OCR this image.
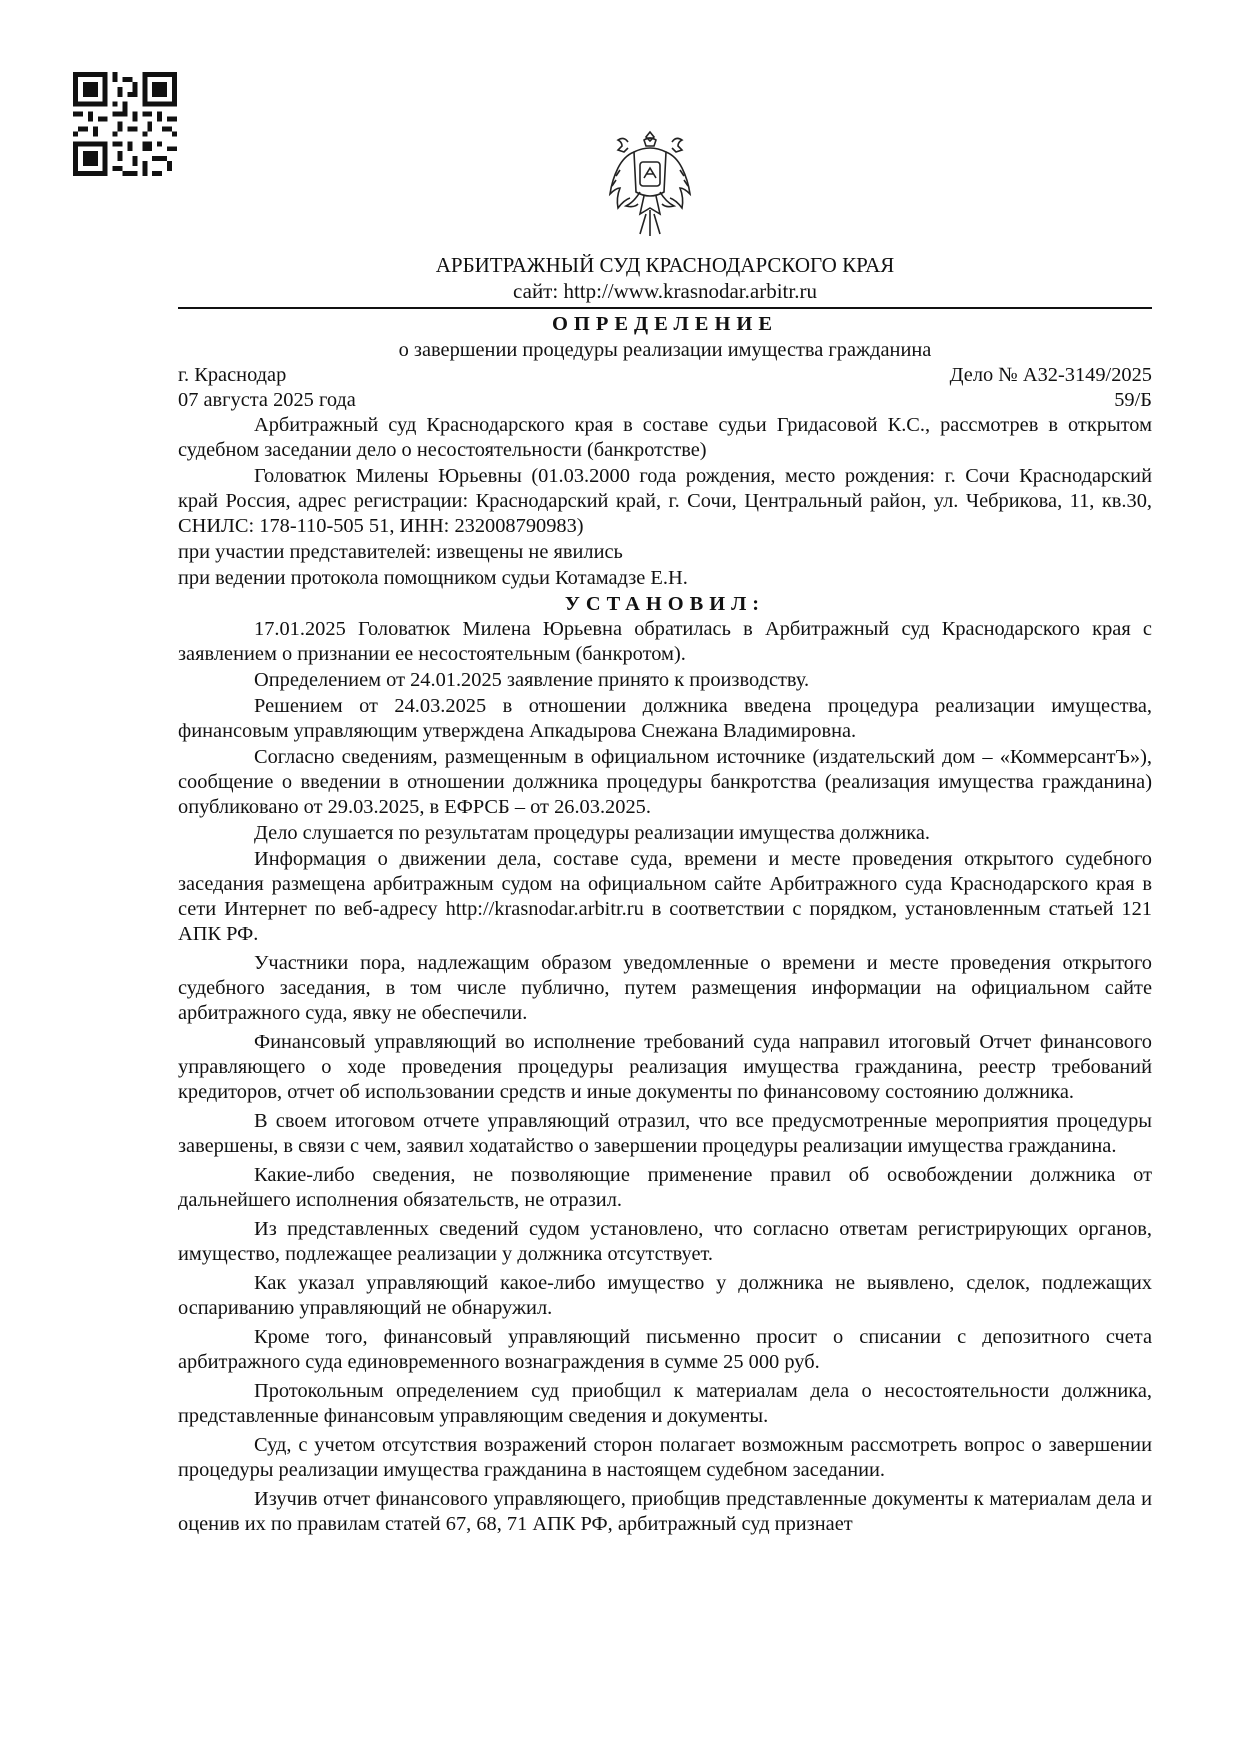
АРБИТРАЖНЫЙ СУД КРАСНОДАРСКОГО КРАЯ
сайт: http://www.krasnodar.arbitr.ru
ОПРЕДЕЛЕНИЕ
о завершении процедуры реализации имущества гражданина
г. Краснодар	Дело № А32-3149/2025
07 августа 2025 года	59/Б

Арбитражный суд Краснодарского края в составе судьи Гридасовой К.С., рассмотрев в открытом судебном заседании дело о несостоятельности (банкротстве)

Головатюк Милены Юрьевны (01.03.2000 года рождения, место рождения: г. Сочи Краснодарский край Россия, адрес регистрации: Краснодарский край, г. Сочи, Центральный район, ул. Чебрикова, 11, кв.30, СНИЛС: 178-110-505 51, ИНН: 232008790983)

при участии представителей: извещены не явились

при ведении протокола помощником судьи Котамадзе Е.Н.

УСТАНОВИЛ:

17.01.2025 Головатюк Милена Юрьевна обратилась в Арбитражный суд Краснодарского края с заявлением о признании ее несостоятельным (банкротом).

Определением от 24.01.2025 заявление принято к производству.

Решением от 24.03.2025 в отношении должника введена процедура реализации имущества, финансовым управляющим утверждена Апкадырова Снежана Владимировна.

Согласно сведениям, размещенным в официальном источнике (издательский дом – «КоммерсантЪ»), сообщение о введении в отношении должника процедуры банкротства (реализация имущества гражданина) опубликовано от 29.03.2025, в ЕФРСБ – от 26.03.2025.

Дело слушается по результатам процедуры реализации имущества должника.

Информация о движении дела, составе суда, времени и месте проведения открытого судебного заседания размещена арбитражным судом на официальном сайте Арбитражного суда Краснодарского края в сети Интернет по веб-адресу http://krasnodar.arbitr.ru в соответствии с порядком, установленным статьей 121 АПК РФ.

Участники пора, надлежащим образом уведомленные о времени и месте проведения открытого судебного заседания, в том числе публично, путем размещения информации на официальном сайте арбитражного суда, явку не обеспечили.

Финансовый управляющий во исполнение требований суда направил итоговый Отчет финансового управляющего о ходе проведения процедуры реализация имущества гражданина, реестр требований кредиторов, отчет об использовании средств и иные документы по финансовому состоянию должника.

В своем итоговом отчете управляющий отразил, что все предусмотренные мероприятия процедуры завершены, в связи с чем, заявил ходатайство о завершении процедуры реализации имущества гражданина.

Какие-либо сведения, не позволяющие применение правил об освобождении должника от дальнейшего исполнения обязательств, не отразил.

Из представленных сведений судом установлено, что согласно ответам регистрирующих органов, имущество, подлежащее реализации у должника отсутствует.

Как указал управляющий какое-либо имущество у должника не выявлено, сделок, подлежащих оспариванию управляющий не обнаружил.

Кроме того, финансовый управляющий письменно просит о списании с депозитного счета арбитражного суда единовременного вознаграждения в сумме 25 000 руб.

Протокольным определением суд приобщил к материалам дела о несостоятельности должника, представленные финансовым управляющим сведения и документы.

Суд, с учетом отсутствия возражений сторон полагает возможным рассмотреть вопрос о завершении процедуры реализации имущества гражданина в настоящем судебном заседании.

Изучив отчет финансового управляющего, приобщив представленные документы к материалам дела и оценив их по правилам статей 67, 68, 71 АПК РФ, арбитражный суд признает
